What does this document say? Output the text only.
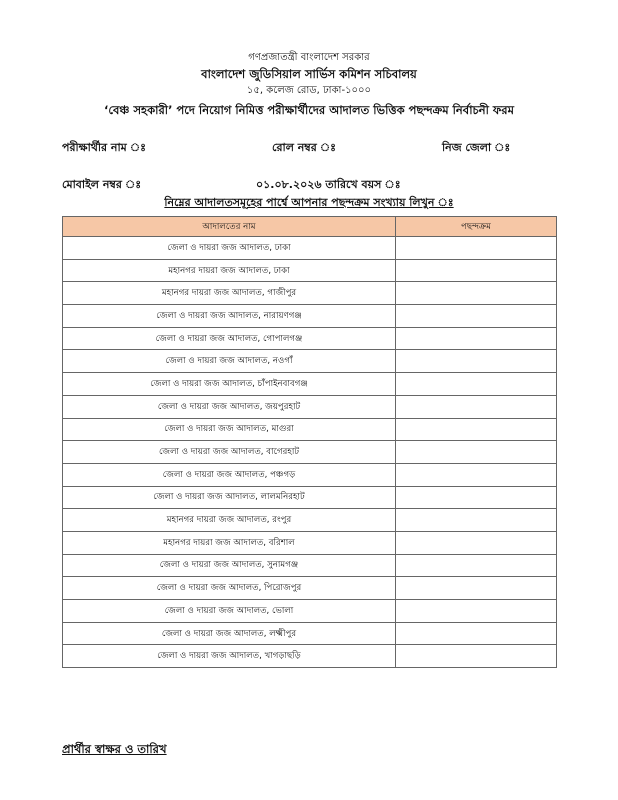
গণপ্রজাতন্ত্রী বাংলাদেশ সরকার
বাংলাদেশ জুডিসিয়াল সার্ভিস কমিশন সচিবালয়
১৫, কলেজ রোড, ঢাকা-১০০০
‘বেঞ্চ সহকারী’ পদে নিয়োগ নিমিত্ত পরীক্ষার্থীদের আদালত ভিত্তিক পছন্দক্রম নির্বাচনী ফরম
পরীক্ষার্থীর নাম ঃ	রোল নম্বর ঃ	নিজ জেলা ঃ
মোবাইল নম্বর ঃ	০১.০৮.২০২৬ তারিখে বয়স ঃ
নিম্নের আদালতসমূহের পার্শ্বে আপনার পছন্দক্রম সংখ্যায় লিখুন ঃ
আদালতের নাম	পছন্দক্রম
জেলা ও দায়রা জজ আদালত, ঢাকা	
মহানগর দায়রা জজ আদালত, ঢাকা	
মহানগর দায়রা জজ আদালত, গাজীপুর	
জেলা ও দায়রা জজ আদালত, নারায়ণগঞ্জ	
জেলা ও দায়রা জজ আদালত, গোপালগঞ্জ	
জেলা ও দায়রা জজ আদালত, নওগাঁ	
জেলা ও দায়রা জজ আদালত, চাঁপাইনবাবগঞ্জ	
জেলা ও দায়রা জজ আদালত, জয়পুরহাট	
জেলা ও দায়রা জজ আদালত, মাগুরা	
জেলা ও দায়রা জজ আদালত, বাগেরহাট	
জেলা ও দায়রা জজ আদালত, পঞ্চগড়	
জেলা ও দায়রা জজ আদালত, লালমনিরহাট	
মহানগর দায়রা জজ আদালত, রংপুর	
মহানগর দায়রা জজ আদালত, বরিশাল	
জেলা ও দায়রা জজ আদালত, সুনামগঞ্জ	
জেলা ও দায়রা জজ আদালত, পিরোজপুর	
জেলা ও দায়রা জজ আদালত, ভোলা	
জেলা ও দায়রা জজ আদালত, লক্ষ্মীপুর	
জেলা ও দায়রা জজ আদালত, খাগড়াছড়ি	
প্রার্থীর স্বাক্ষর ও তারিখ
